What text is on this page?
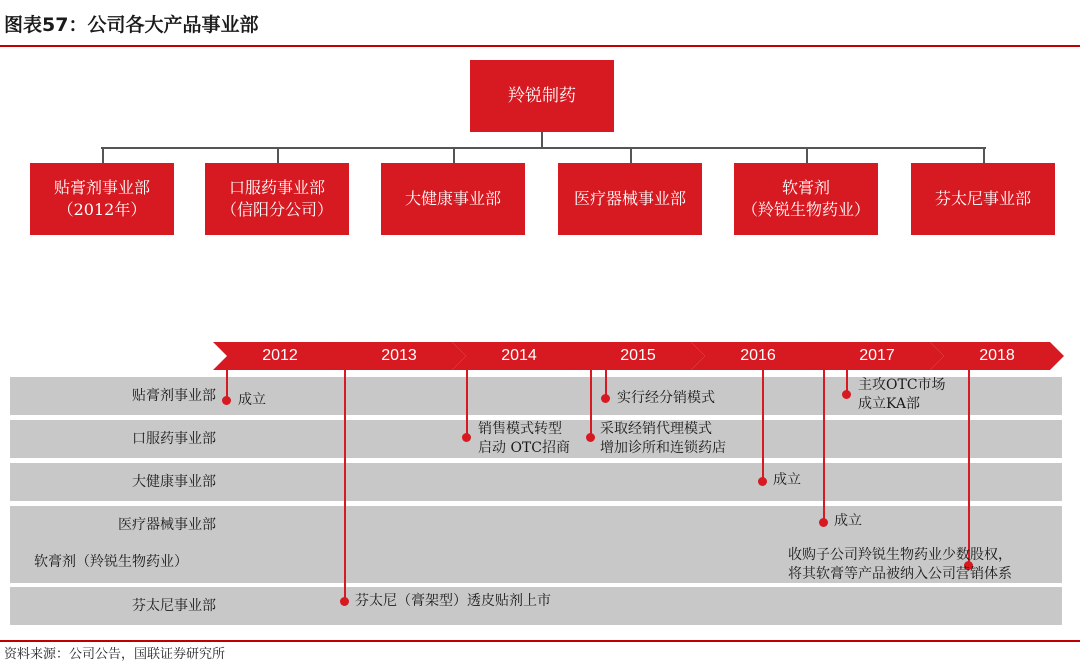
图表57：公司各大产品事业部
羚锐制药
贴膏剂事业部
（2012年）
口服药事业部
（信阳分公司）
大健康事业部	医疗器械事业部
软膏剂
（羚锐生物药业）
芬太尼事业部
2012	2013	2014	2015	2016	2017	2018
贴膏剂事业部
口服药事业部
大健康事业部
医疗器械事业部
软膏剂（羚锐生物药业）
芬太尼事业部
成立	实行经分销模式
主攻OTC市场
成立KA部
销售模式转型
启动 OTC招商
采取经销代理模式
增加诊所和连锁药店
成立
成立
收购子公司羚锐生物药业少数股权，
将其软膏等产品被纳入公司营销体系
芬太尼（膏架型）透皮贴剂上市
资料来源：公司公告，国联证券研究所
